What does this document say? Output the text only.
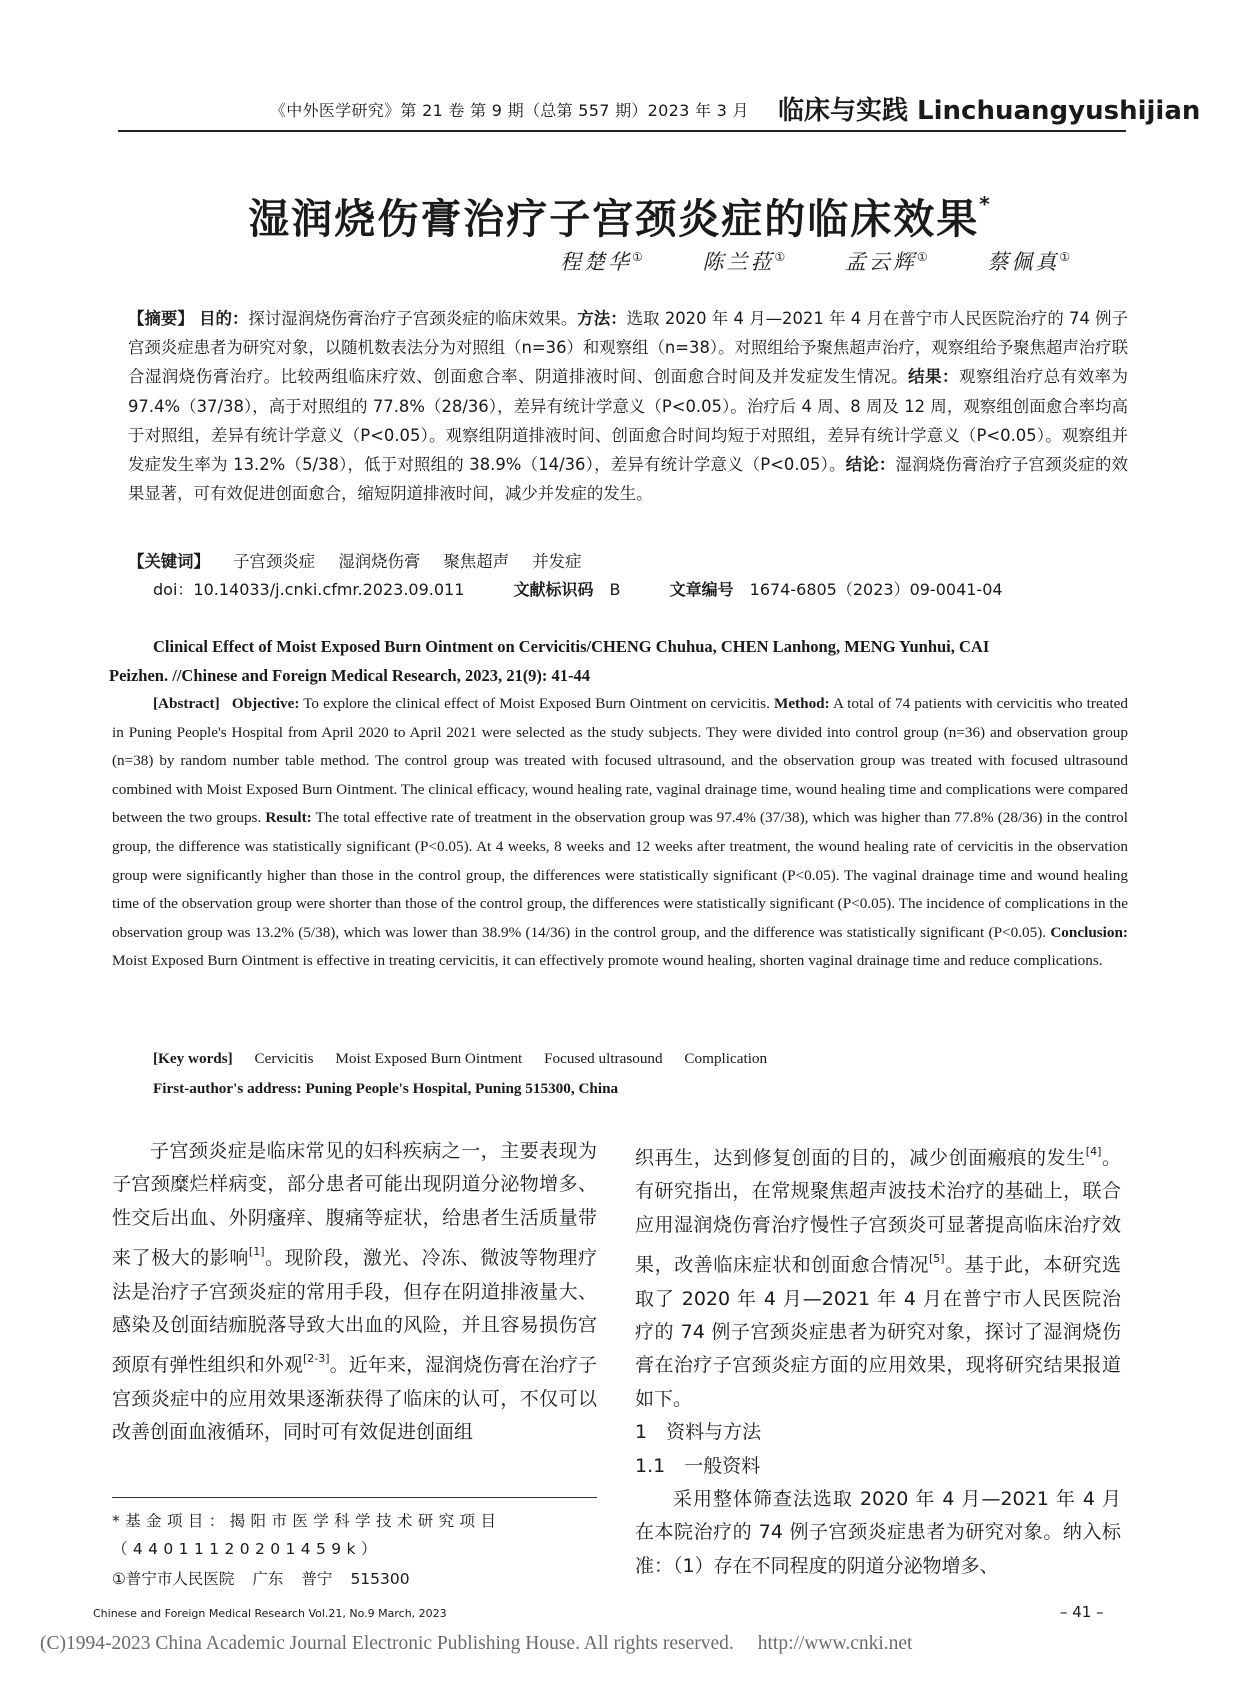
《中外医学研究》第 21 卷 第 9 期（总第 557 期）2023 年 3 月 临床与实践 Linchuangyushijian
湿润烧伤膏治疗子宫颈炎症的临床效果*
程楚华①	陈兰菈①	孟云辉①	蔡佩真①
【摘要】 目的：探讨湿润烧伤膏治疗子宫颈炎症的临床效果。方法：选取 2020 年 4 月—2021 年 4 月在普宁市人民医院治疗的 74 例子宫颈炎症患者为研究对象，以随机数表法分为对照组（n=36）和观察组（n=38）。对照组给予聚焦超声治疗，观察组给予聚焦超声治疗联合湿润烧伤膏治疗。比较两组临床疗效、创面愈合率、阴道排液时间、创面愈合时间及并发症发生情况。结果：观察组治疗总有效率为 97.4%（37/38），高于对照组的 77.8%（28/36），差异有统计学意义（P<0.05）。治疗后 4 周、8 周及 12 周，观察组创面愈合率均高于对照组，差异有统计学意义（P<0.05）。观察组阴道排液时间、创面愈合时间均短于对照组，差异有统计学意义（P<0.05）。观察组并发症发生率为 13.2%（5/38），低于对照组的 38.9%（14/36），差异有统计学意义（P<0.05）。结论：湿润烧伤膏治疗子宫颈炎症的效果显著，可有效促进创面愈合，缩短阴道排液时间，减少并发症的发生。
【关键词】 子宫颈炎症 湿润烧伤膏 聚焦超声 并发症
doi：10.14033/j.cnki.cfmr.2023.09.011	文献标识码　 B	文章编号　 1674-6805（2023）09-0041-04
Clinical Effect of Moist Exposed Burn Ointment on Cervicitis/CHENG Chuhua, CHEN Lanhong, MENG Yunhui, CAI
Peizhen. //Chinese and Foreign Medical Research, 2023, 21(9): 41-44
[Abstract] Objective: To explore the clinical effect of Moist Exposed Burn Ointment on cervicitis. Method: A total of 74 patients with cervicitis who treated in Puning People's Hospital from April 2020 to April 2021 were selected as the study subjects. They were divided into control group (n=36) and observation group (n=38) by random number table method. The control group was treated with focused ultrasound, and the observation group was treated with focused ultrasound combined with Moist Exposed Burn Ointment. The clinical efficacy, wound healing rate, vaginal drainage time, wound healing time and complications were compared between the two groups. Result: The total effective rate of treatment in the observation group was 97.4% (37/38), which was higher than 77.8% (28/36) in the control group, the difference was statistically significant (P<0.05). At 4 weeks, 8 weeks and 12 weeks after treatment, the wound healing rate of cervicitis in the observation group were significantly higher than those in the control group, the differences were statistically significant (P<0.05). The vaginal drainage time and wound healing time of the observation group were shorter than those of the control group, the differences were statistically significant (P<0.05). The incidence of complications in the observation group was 13.2% (5/38), which was lower than 38.9% (14/36) in the control group, and the difference was statistically significant (P<0.05). Conclusion: Moist Exposed Burn Ointment is effective in treating cervicitis, it can effectively promote wound healing, shorten vaginal drainage time and reduce complications.
[Key words] Cervicitis Moist Exposed Burn Ointment Focused ultrasound Complication
First-author's address: Puning People's Hospital, Puning 515300, China

子宫颈炎症是临床常见的妇科疾病之一，主要表现为子宫颈糜烂样病变，部分患者可能出现阴道分泌物增多、性交后出血、外阴瘙痒、腹痛等症状，给患者生活质量带来了极大的影响[1]。现阶段，激光、冷冻、微波等物理疗法是治疗子宫颈炎症的常用手段，但存在阴道排液量大、感染及创面结痂脱落导致大出血的风险，并且容易损伤宫颈原有弹性组织和外观[2-3]。近年来，湿润烧伤膏在治疗子宫颈炎症中的应用效果逐渐获得了临床的认可，不仅可以改善创面血液循环，同时可有效促进创面组

织再生，达到修复创面的目的，减少创面瘢痕的发生[4]。有研究指出，在常规聚焦超声波技术治疗的基础上，联合应用湿润烧伤膏治疗慢性子宫颈炎可显著提高临床治疗效果，改善临床症状和创面愈合情况[5]。基于此，本研究选取了 2020 年 4 月—2021 年 4 月在普宁市人民医院治疗的 74 例子宫颈炎症患者为研究对象，探讨了湿润烧伤膏在治疗子宫颈炎症方面的应用效果，现将研究结果报道如下。

1　资料与方法

1.1　一般资料

采用整体筛查法选取 2020 年 4 月—2021 年 4 月在本院治疗的 74 例子宫颈炎症患者为研究对象。纳入标准：（1）存在不同程度的阴道分泌物增多、

*基金项目：揭阳市医学科学技术研究项目（44011120201459k）
①普宁市人民医院 广东 普宁 515300
Chinese and Foreign Medical Research Vol.21, No.9 March, 2023	– 41 –
(C)1994-2023 China Academic Journal Electronic Publishing House. All rights reserved. http://www.cnki.net
